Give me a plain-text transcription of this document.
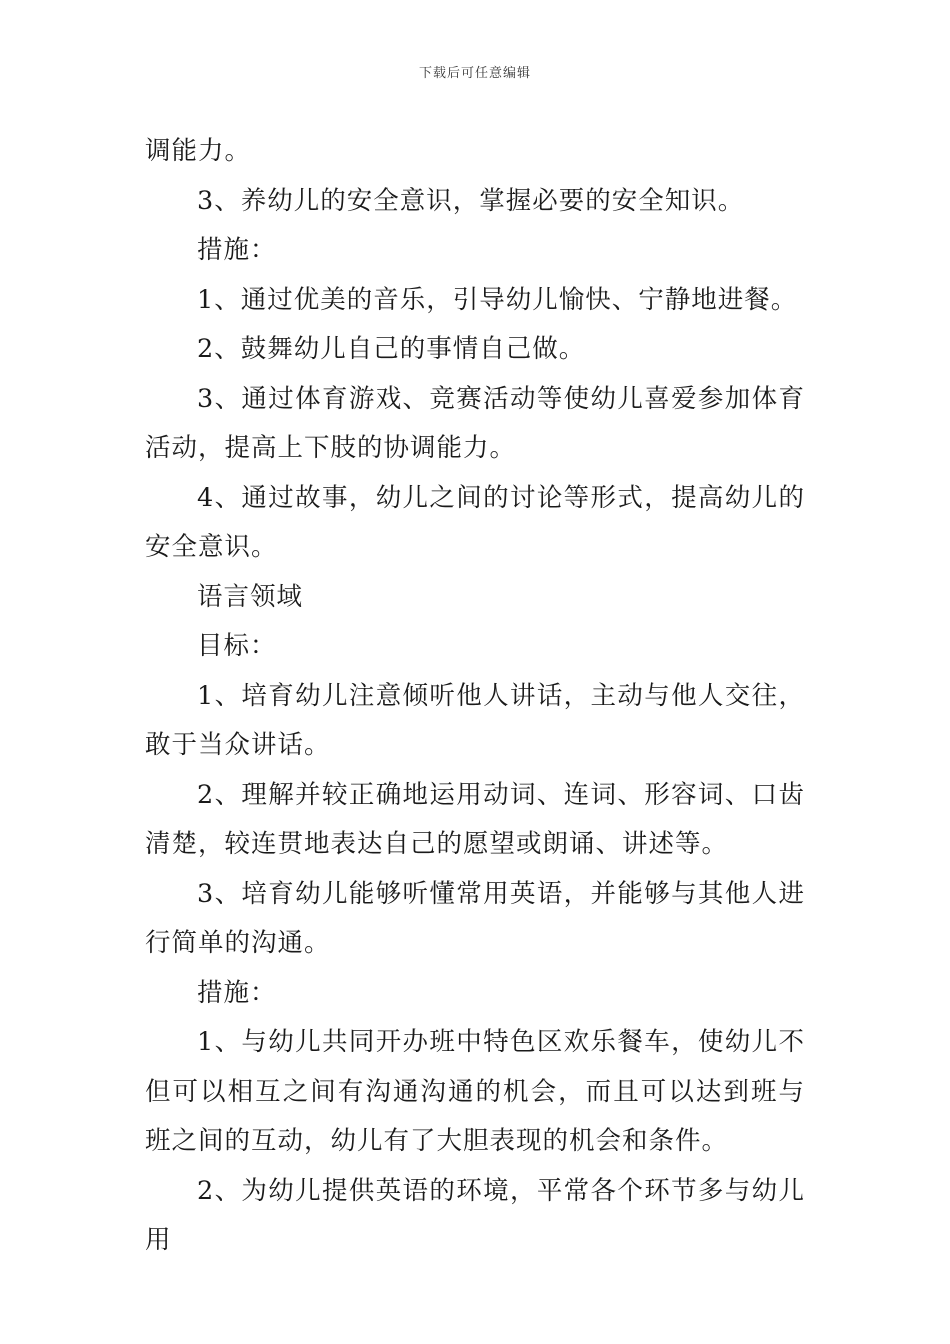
下载后可任意编辑

调能力。

3、养幼儿的安全意识，掌握必要的安全知识。

措施：

1、通过优美的音乐，引导幼儿愉快、宁静地进餐。

2、鼓舞幼儿自己的事情自己做。

3、通过体育游戏、竞赛活动等使幼儿喜爱参加体育活动，提高上下肢的协调能力。

4、通过故事，幼儿之间的讨论等形式，提高幼儿的安全意识。

语言领域

目标：

1、培育幼儿注意倾听他人讲话，主动与他人交往，敢于当众讲话。

2、理解并较正确地运用动词、连词、形容词、口齿清楚，较连贯地表达自己的愿望或朗诵、讲述等。

3、培育幼儿能够听懂常用英语，并能够与其他人进行简单的沟通。

措施：

1、与幼儿共同开办班中特色区欢乐餐车，使幼儿不但可以相互之间有沟通沟通的机会，而且可以达到班与班之间的互动，幼儿有了大胆表现的机会和条件。

2、为幼儿提供英语的环境，平常各个环节多与幼儿用
